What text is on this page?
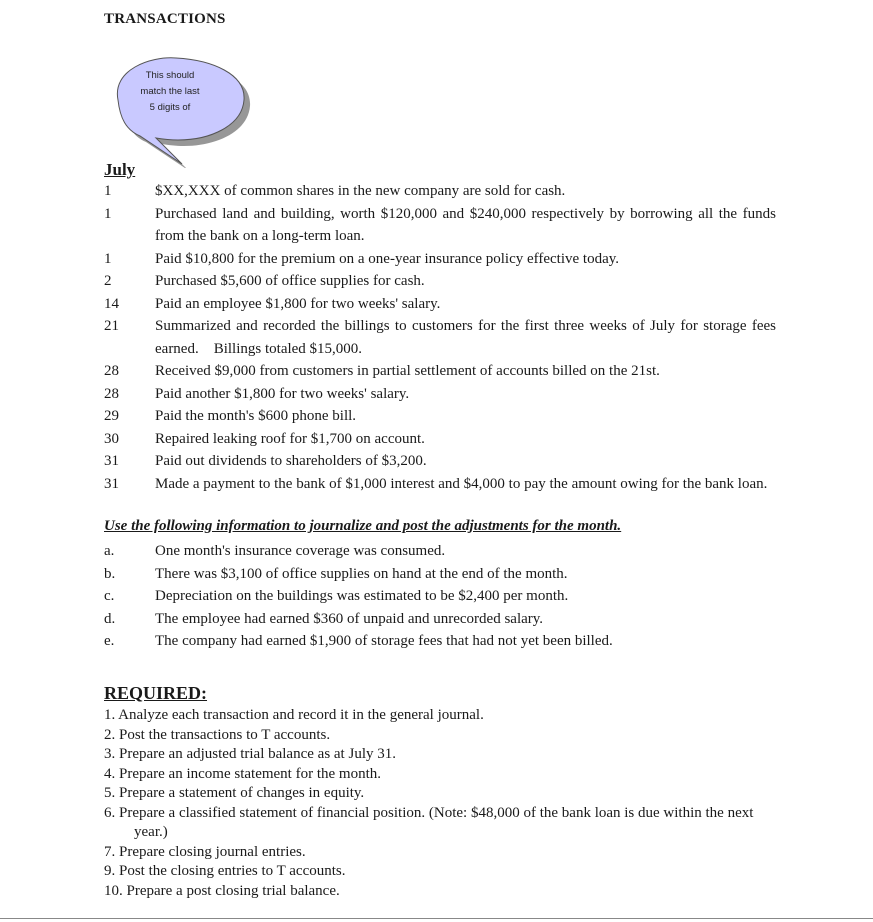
TRANSACTIONS
This should
match the last
5 digits of
July
1	$XX,XXX of common shares in the new company are sold for cash.
1	Purchased land and building, worth $120,000 and $240,000 respectively by borrowing all the funds from the bank on a long-term loan.
1	Paid $10,800 for the premium on a one-year insurance policy effective today.
2	Purchased $5,600 of office supplies for cash.
14	Paid an employee $1,800 for two weeks' salary.
21	Summarized and recorded the billings to customers for the first three weeks of July for storage fees earned.    Billings totaled $15,000.
28	Received $9,000 from customers in partial settlement of accounts billed on the 21st.
28	Paid another $1,800 for two weeks' salary.
29	Paid the month's $600 phone bill.
30	Repaired leaking roof for $1,700 on account.
31	Paid out dividends to shareholders of $3,200.
31	Made a payment to the bank of $1,000 interest and $4,000 to pay the amount owing for the bank loan.
Use the following information to journalize and post the adjustments for the month.
a.	One month's insurance coverage was consumed.
b.	There was $3,100 of office supplies on hand at the end of the month.
c.	Depreciation on the buildings was estimated to be $2,400 per month.
d.	The employee had earned $360 of unpaid and unrecorded salary.
e.	The company had earned $1,900 of storage fees that had not yet been billed.
REQUIRED:
1. Analyze each transaction and record it in the general journal.
2. Post the transactions to T accounts.
3. Prepare an adjusted trial balance as at July 31.
4. Prepare an income statement for the month.
5. Prepare a statement of changes in equity.
6. Prepare a classified statement of financial position. (Note: $48,000 of the bank loan is due within the next year.)
7. Prepare closing journal entries.
9. Post the closing entries to T accounts.
10. Prepare a post closing trial balance.
